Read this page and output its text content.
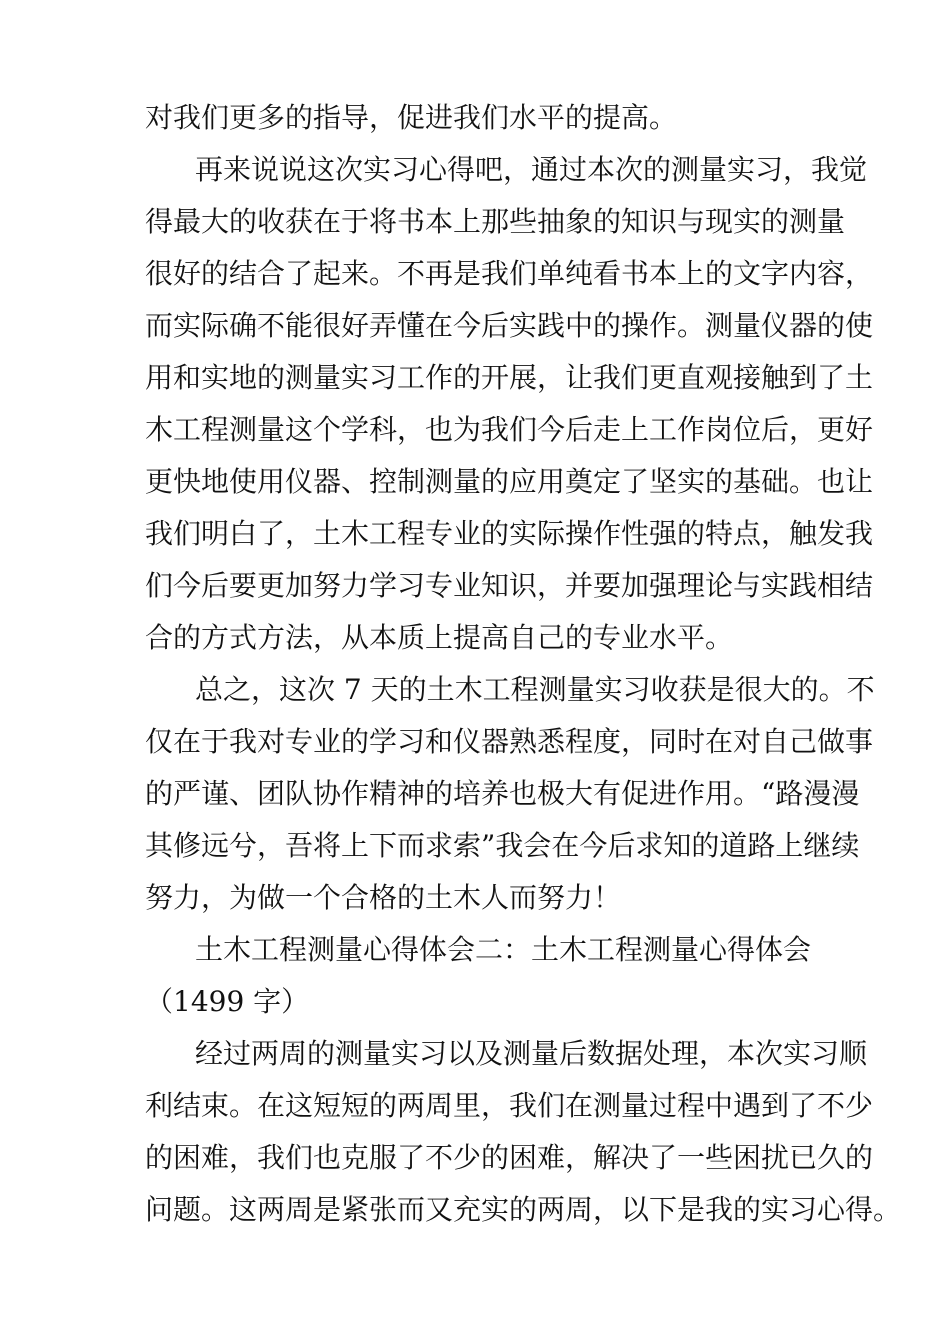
对我们更多的指导，促进我们水平的提高。
再来说说这次实习心得吧，通过本次的测量实习，我觉
得最大的收获在于将书本上那些抽象的知识与现实的测量
很好的结合了起来。不再是我们单纯看书本上的文字内容，
而实际确不能很好弄懂在今后实践中的操作。测量仪器的使
用和实地的测量实习工作的开展，让我们更直观接触到了土
木工程测量这个学科，也为我们今后走上工作岗位后，更好
更快地使用仪器、控制测量的应用奠定了坚实的基础。也让
我们明白了，土木工程专业的实际操作性强的特点，触发我
们今后要更加努力学习专业知识，并要加强理论与实践相结
合的方式方法，从本质上提高自己的专业水平。
总之，这次 7 天的土木工程测量实习收获是很大的。不
仅在于我对专业的学习和仪器熟悉程度，同时在对自己做事
的严谨、团队协作精神的培养也极大有促进作用。“路漫漫
其修远兮，吾将上下而求索”我会在今后求知的道路上继续
努力，为做一个合格的土木人而努力！
土木工程测量心得体会二：土木工程测量心得体会
（1499 字）
经过两周的测量实习以及测量后数据处理，本次实习顺
利结束。在这短短的两周里，我们在测量过程中遇到了不少
的困难，我们也克服了不少的困难，解决了一些困扰已久的
问题。这两周是紧张而又充实的两周，以下是我的实习心得。
